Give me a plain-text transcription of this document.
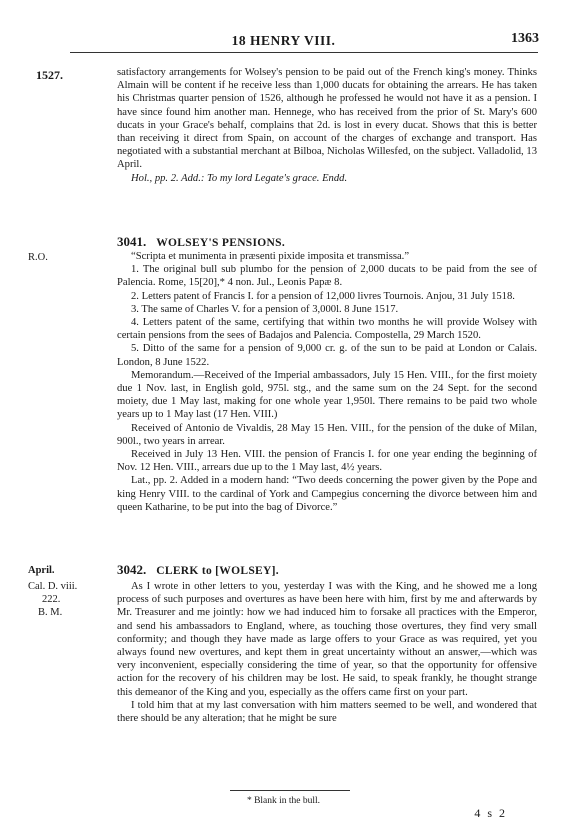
18 HENRY VIII.	1363
1527.	satisfactory arrangements for Wolsey's pension to be paid out of the French king's money. Thinks Almain will be content if he receive less than 1,000 ducats for obtaining the arrears. He has taken his Christmas quarter pension of 1526, although he professed he would not have it as a pension. I have since found him another man. Hennege, who has received from the prior of St. Mary's 600 ducats in your Grace's behalf, complains that 2d. is lost in every ducat. Shows that this is better than receiving it direct from Spain, on account of the charges of exchange and transport. Has negotiated with a substantial merchant at Bilboa, Nicholas Willesfed, on the subject. Valladolid, 13 April.

Hol., pp. 2. Add.: To my lord Legate's grace. Endd.

3041. WOLSEY'S PENSIONS.
R.O.	“Scripta et munimenta in præsenti pixide imposita et transmissa.”

1. The original bull sub plumbo for the pension of 2,000 ducats to be paid from the see of Palencia. Rome, 15[20],* 4 non. Jul., Leonis Papæ 8.

2. Letters patent of Francis I. for a pension of 12,000 livres Tournois. Anjou, 31 July 1518.

3. The same of Charles V. for a pension of 3,000l. 8 June 1517.

4. Letters patent of the same, certifying that within two months he will provide Wolsey with certain pensions from the sees of Badajos and Palencia. Compostella, 29 March 1520.

5. Ditto of the same for a pension of 9,000 cr. g. of the sun to be paid at London or Calais. London, 8 June 1522.

Memorandum.—Received of the Imperial ambassadors, July 15 Hen. VIII., for the first moiety due 1 Nov. last, in English gold, 975l. stg., and the same sum on the 24 Sept. for the second moiety, due 1 May last, making for one whole year 1,950l. There remains to be paid two whole years up to 1 May last (17 Hen. VIII.)

Received of Antonio de Vivaldis, 28 May 15 Hen. VIII., for the pension of the duke of Milan, 900l., two years in arrear.

Received in July 13 Hen. VIII. the pension of Francis I. for one year ending the beginning of Nov. 12 Hen. VIII., arrears due up to the 1 May last, 4½ years.

Lat., pp. 2. Added in a modern hand: “Two deeds concerning the power given by the Pope and king Henry VIII. to the cardinal of York and Campegius concerning the divorce between him and queen Katharine, to be put into the bag of Divorce.”

April.
Cal. D. viii.
222.
B. M.
3042. CLERK to [WOLSEY].

As I wrote in other letters to you, yesterday I was with the King, and he showed me a long process of such purposes and overtures as have been here with him, first by me and afterwards by Mr. Treasurer and me jointly: how we had induced him to forsake all practices with the Emperor, and send his ambassadors to England, where, as touching those overtures, they find very small conformity; and though they have made as large offers to your Grace as was required, yet you always found new overtures, and kept them in great uncertainty without an answer,—which was very inconvenient, especially considering the time of year, so that the opportunity for offensive action for the recovery of his children may be lost. He said, to speak frankly, he thought strange this demeanor of the King and you, especially as the offers came first on your part.

I told him that at my last conversation with him matters seemed to be well, and wondered that there should be any alteration; that he might be sure

* Blank in the bull.
4 s 2
